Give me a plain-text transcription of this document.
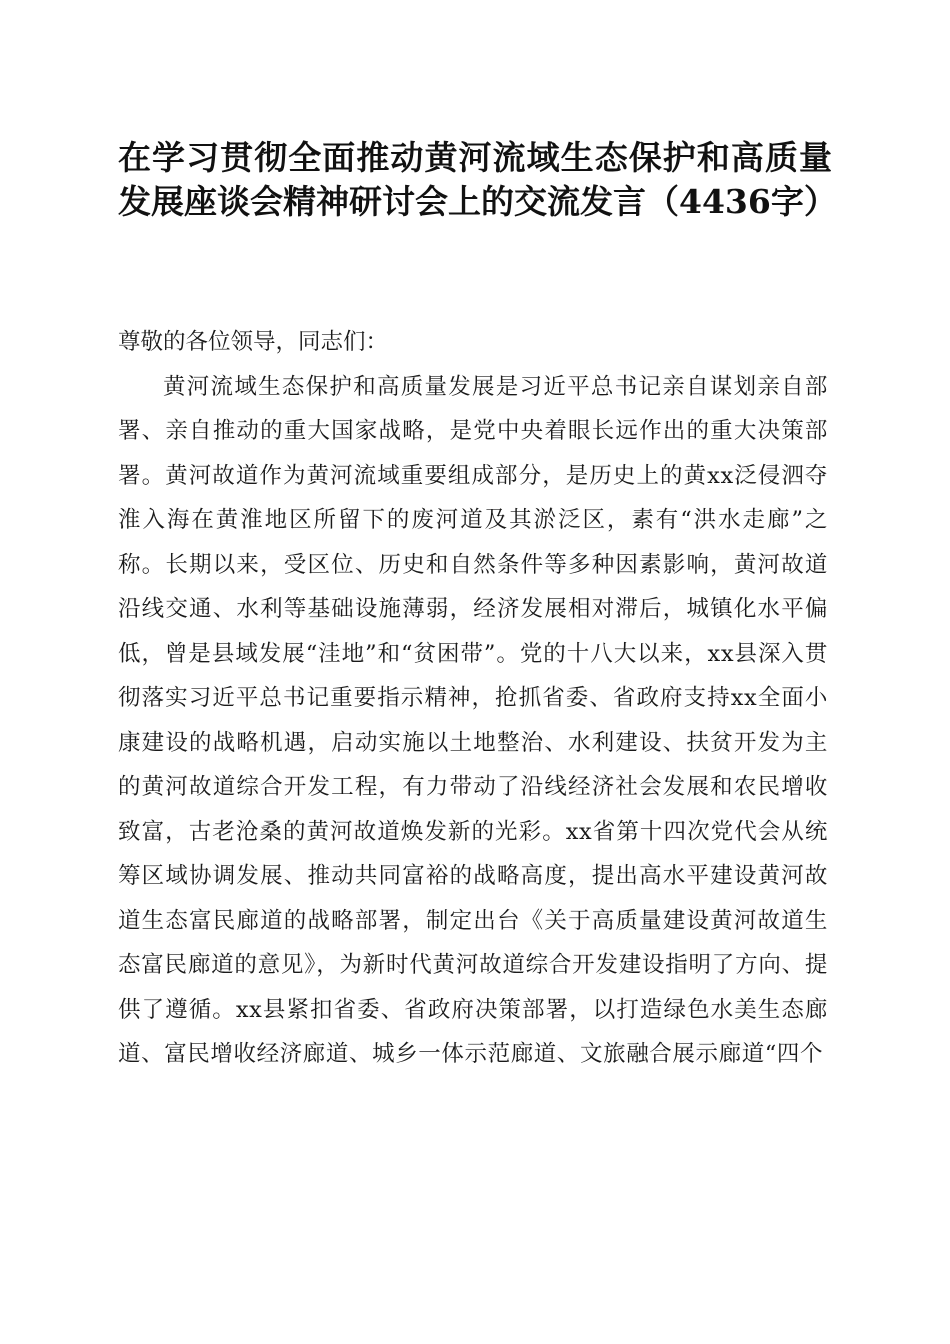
在学习贯彻全面推动黄河流域生态保护和高质量发展座谈会精神研讨会上的交流发言（4436字）

尊敬的各位领导，同志们：

黄河流域生态保护和高质量发展是习近平总书记亲自谋划亲自部署、亲自推动的重大国家战略，是党中央着眼长远作出的重大决策部署。黄河故道作为黄河流域重要组成部分，是历史上的黄xx泛侵泗夺淮入海在黄淮地区所留下的废河道及其淤泛区，素有“洪水走廊”之称。长期以来，受区位、历史和自然条件等多种因素影响，黄河故道沿线交通、水利等基础设施薄弱，经济发展相对滞后，城镇化水平偏低，曾是县域发展“洼地”和“贫困带”。党的十八大以来，xx县深入贯彻落实习近平总书记重要指示精神，抢抓省委、省政府支持xx全面小康建设的战略机遇，启动实施以土地整治、水利建设、扶贫开发为主的黄河故道综合开发工程，有力带动了沿线经济社会发展和农民增收致富，古老沧桑的黄河故道焕发新的光彩。xx省第十四次党代会从统筹区域协调发展、推动共同富裕的战略高度，提出高水平建设黄河故道生态富民廊道的战略部署，制定出台《关于高质量建设黄河故道生态富民廊道的意见》，为新时代黄河故道综合开发建设指明了方向、提供了遵循。xx县紧扣省委、省政府决策部署，以打造绿色水美生态廊道、富民增收经济廊道、城乡一体示范廊道、文旅融合展示廊道“四个
